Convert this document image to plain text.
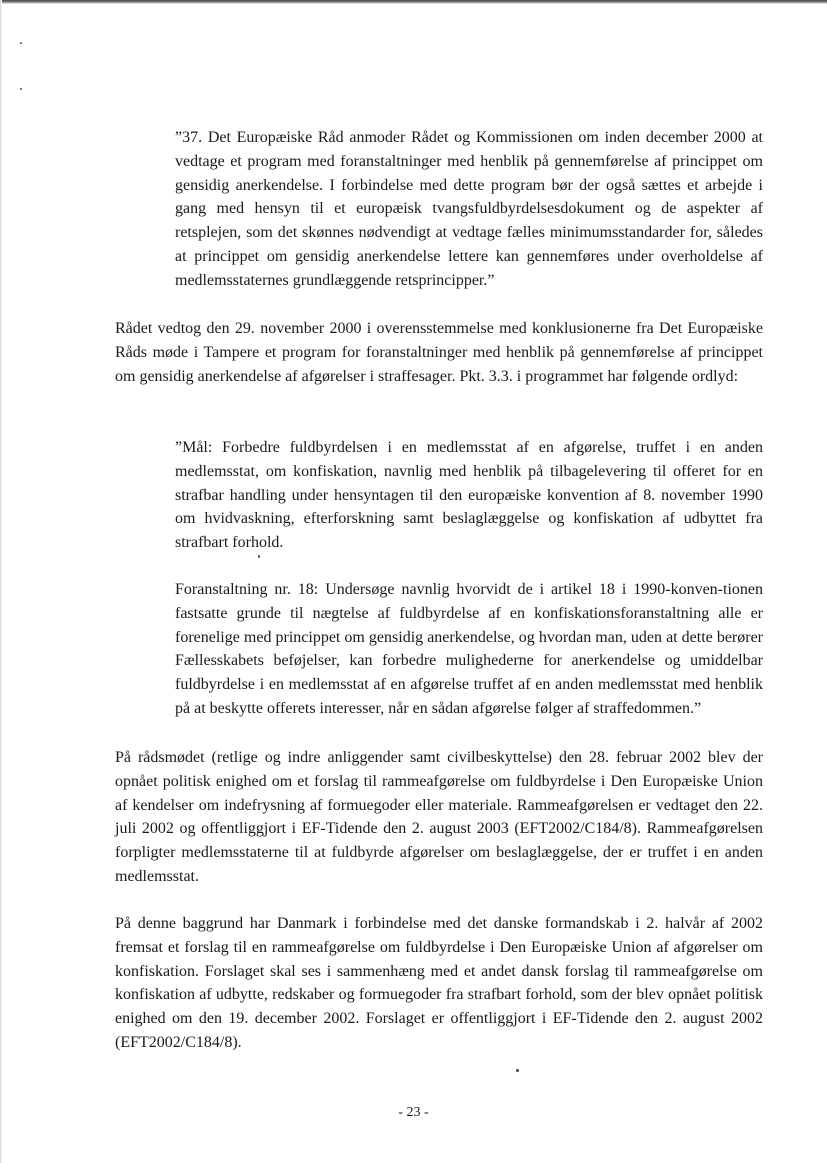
”37. Det Europæiske Råd anmoder Rådet og Kommissionen om inden december 2000 at vedtage et program med foranstaltninger med henblik på gennemførelse af princippet om gensidig anerkendelse. I forbindelse med dette program bør der også sættes et arbejde i gang med hensyn til et europæisk tvangsfuldbyrdelsesdokument og de aspekter af retsplejen, som det skønnes nødvendigt at vedtage fælles minimumsstandarder for, således at princippet om gensidig anerkendelse lettere kan gennemføres under overholdelse af medlemsstaternes grundlæggende retsprincipper.”

Rådet vedtog den 29. november 2000 i overensstemmelse med konklusionerne fra Det Europæiske Råds møde i Tampere et program for foranstaltninger med henblik på gennemførelse af princippet om gensidig anerkendelse af afgørelser i straffesager. Pkt. 3.3. i programmet har følgende ordlyd:

”Mål: Forbedre fuldbyrdelsen i en medlemsstat af en afgørelse, truffet i en anden medlemsstat, om konfiskation, navnlig med henblik på tilbagelevering til offeret for en strafbar handling under hensyntagen til den europæiske konvention af 8. november 1990 om hvidvaskning, efterforskning samt beslaglæggelse og konfiskation af udbyttet fra strafbart forhold.

Foranstaltning nr. 18: Undersøge navnlig hvorvidt de i artikel 18 i 1990-konven-tionen fastsatte grunde til nægtelse af fuldbyrdelse af en konfiskationsforanstaltning alle er forenelige med princippet om gensidig anerkendelse, og hvordan man, uden at dette berører Fællesskabets beføjelser, kan forbedre mulighederne for anerkendelse og umiddelbar fuldbyrdelse i en medlemsstat af en afgørelse truffet af en anden medlemsstat med henblik på at beskytte offerets interesser, når en sådan afgørelse følger af straffedommen.”

På rådsmødet (retlige og indre anliggender samt civilbeskyttelse) den 28. februar 2002 blev der opnået politisk enighed om et forslag til rammeafgørelse om fuldbyrdelse i Den Europæiske Union af kendelser om indefrysning af formuegoder eller materiale. Rammeafgørelsen er vedtaget den 22. juli 2002 og offentliggjort i EF-Tidende den 2. august 2003 (EFT2002/C184/8). Rammeafgørelsen forpligter medlemsstaterne til at fuldbyrde afgørelser om beslaglæggelse, der er truffet i en anden medlemsstat.

På denne baggrund har Danmark i forbindelse med det danske formandskab i 2. halvår af 2002 fremsat et forslag til en rammeafgørelse om fuldbyrdelse i Den Europæiske Union af afgørelser om konfiskation. Forslaget skal ses i sammenhæng med et andet dansk forslag til rammeafgørelse om konfiskation af udbytte, redskaber og formuegoder fra strafbart forhold, som der blev opnået politisk enighed om den 19. december 2002. Forslaget er offentliggjort i EF-Tidende den 2. august 2002 (EFT2002/C184/8).

- 23 -
